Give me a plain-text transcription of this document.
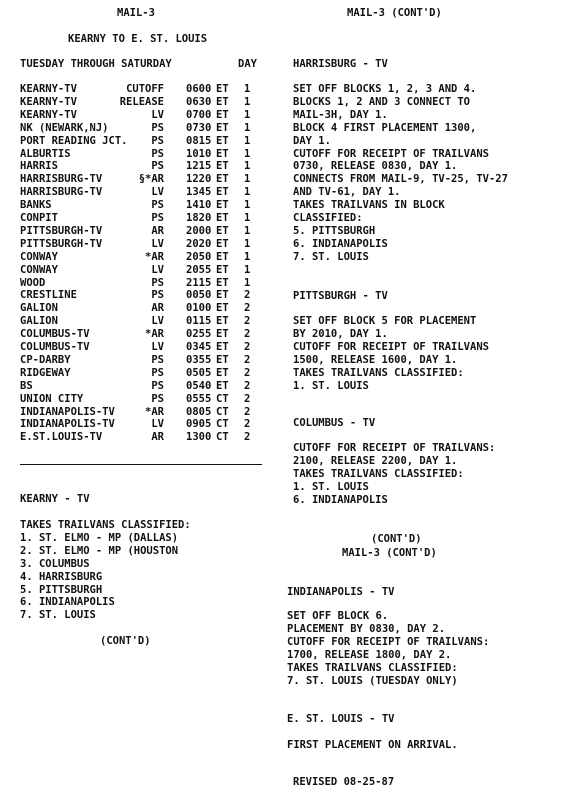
MAIL-3
KEARNY TO E. ST. LOUIS
TUESDAY THROUGH SATURDAY	DAY
KEARNY-TV	CUTOFF 0600 ET 1
KEARNY-TV	RELEASE 0630 ET 1
KEARNY-TV	LV 0700 ET 1
NK (NEWARK,NJ)	PS 0730 ET 1
PORT READING JCT. PS 0815 ET 1
ALBURTIS	PS 1010 ET 1
HARRIS	PS 1215 ET 1
HARRISBURG-TV	§*AR 1220 ET 1
HARRISBURG-TV	LV 1345 ET 1
BANKS	PS 1410 ET 1
CONPIT	PS 1820 ET 1
PITTSBURGH-TV	AR 2000 ET 1
PITTSBURGH-TV	LV 2020 ET 1
CONWAY	*AR 2050 ET 1
CONWAY	LV 2055 ET 1
WOOD	PS 2115 ET 1
CRESTLINE	PS 0050 ET 2
GALION	AR 0100 ET 2
GALION	LV 0115 ET 2
COLUMBUS-TV	*AR 0255 ET 2
COLUMBUS-TV	LV 0345 ET 2
CP-DARBY	PS 0355 ET 2
RIDGEWAY	PS 0505 ET 2
BS	PS 0540 ET 2
UNION CITY	PS 0555 CT 2
INDIANAPOLIS-TV	*AR 0805 CT 2
INDIANAPOLIS-TV	LV 0905 CT 2
E.ST.LOUIS-TV	AR 1300 CT 2
KEARNY - TV
TAKES TRAILVANS CLASSIFIED:
1. ST. ELMO - MP (DALLAS)
2. ST. ELMO - MP (HOUSTON
3. COLUMBUS
4. HARRISBURG
5. PITTSBURGH
6. INDIANAPOLIS
7. ST. LOUIS
(CONT'D)
MAIL-3 (CONT'D)
HARRISBURG - TV
SET OFF BLOCKS 1, 2, 3 AND 4.
BLOCKS 1, 2 AND 3 CONNECT TO
MAIL-3H, DAY 1.
BLOCK 4 FIRST PLACEMENT 1300,
DAY 1.
CUTOFF FOR RECEIPT OF TRAILVANS
0730, RELEASE 0830, DAY 1.
CONNECTS FROM MAIL-9, TV-25, TV-27
AND TV-61, DAY 1.
TAKES TRAILVANS IN BLOCK
CLASSIFIED:
5. PITTSBURGH
6. INDIANAPOLIS
7. ST. LOUIS
PITTSBURGH - TV
SET OFF BLOCK 5 FOR PLACEMENT
BY 2010, DAY 1.
CUTOFF FOR RECEIPT OF TRAILVANS
1500, RELEASE 1600, DAY 1.
TAKES TRAILVANS CLASSIFIED:
1. ST. LOUIS
COLUMBUS - TV
CUTOFF FOR RECEIPT OF TRAILVANS:
2100, RELEASE 2200, DAY 1.
TAKES TRAILVANS CLASSIFIED:
1. ST. LOUIS
6. INDIANAPOLIS
(CONT'D)
MAIL-3 (CONT'D)
INDIANAPOLIS - TV
SET OFF BLOCK 6.
PLACEMENT BY 0830, DAY 2.
CUTOFF FOR RECEIPT OF TRAILVANS:
1700, RELEASE 1800, DAY 2.
TAKES TRAILVANS CLASSIFIED:
7. ST. LOUIS (TUESDAY ONLY)
E. ST. LOUIS - TV
FIRST PLACEMENT ON ARRIVAL.
REVISED 08-25-87
